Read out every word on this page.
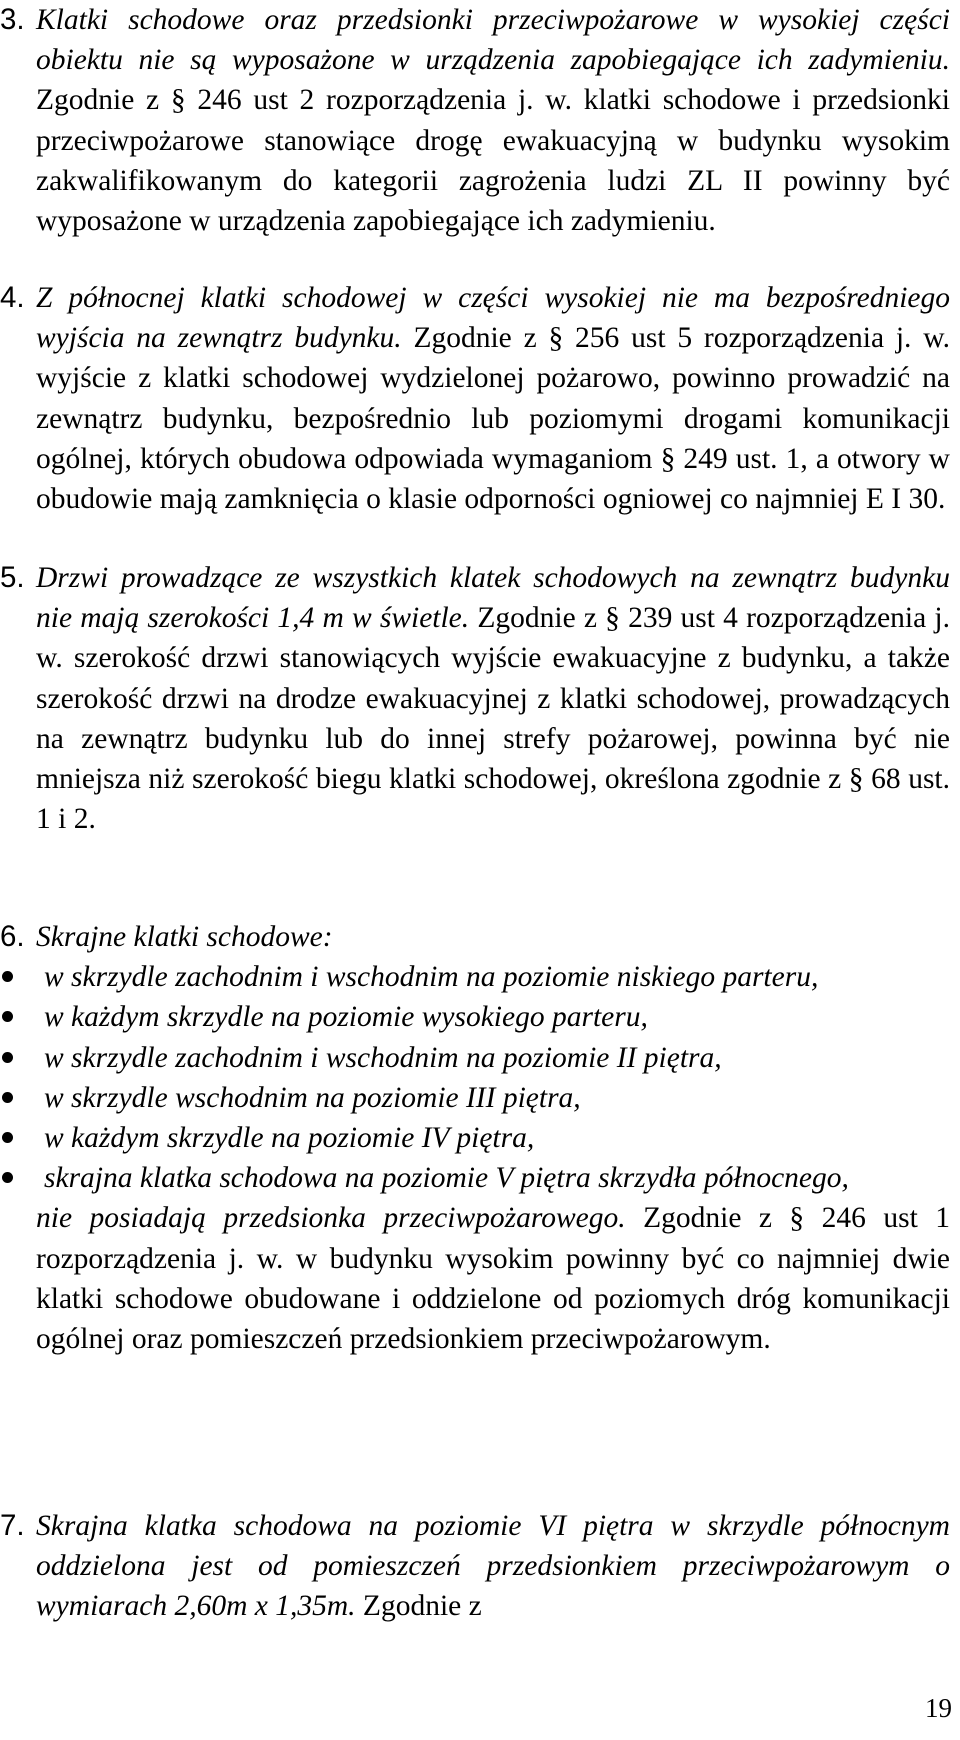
3. Klatki schodowe oraz przedsionki przeciwpożarowe w wysokiej części obiektu nie są wyposażone w urządzenia zapobiegające ich zadymieniu. Zgodnie z § 246 ust 2 rozporządzenia j. w. klatki schodowe i przedsionki przeciwpożarowe stanowiące drogę ewakuacyjną w budynku wysokim zakwalifikowanym do kategorii zagrożenia ludzi ZL II powinny być wyposażone w urządzenia zapobiegające ich zadymieniu.
4. Z północnej klatki schodowej w części wysokiej nie ma bezpośredniego wyjścia na zewnątrz budynku. Zgodnie z § 256 ust 5 rozporządzenia j. w. wyjście z klatki schodowej wydzielonej pożarowo, powinno prowadzić na zewnątrz budynku, bezpośrednio lub poziomymi drogami komunikacji ogólnej, których obudowa odpowiada wymaganiom § 249 ust. 1, a otwory w obudowie mają zamknięcia o klasie odporności ogniowej co najmniej E I 30.
5. Drzwi prowadzące ze wszystkich klatek schodowych na zewnątrz budynku nie mają szerokości 1,4 m w świetle. Zgodnie z § 239 ust 4 rozporządzenia j. w. szerokość drzwi stanowiących wyjście ewakuacyjne z budynku, a także szerokość drzwi na drodze ewakuacyjnej z klatki schodowej, prowadzących na zewnątrz budynku lub do innej strefy pożarowej, powinna być nie mniejsza niż szerokość biegu klatki schodowej, określona zgodnie z § 68 ust. 1 i 2.
6. Skrajne klatki schodowe:
w skrzydle zachodnim i wschodnim na poziomie niskiego parteru,
w każdym skrzydle na poziomie wysokiego parteru,
w skrzydle zachodnim i wschodnim na poziomie II piętra,
w skrzydle wschodnim na poziomie III piętra,
w każdym skrzydle na poziomie IV piętra,
skrajna klatka schodowa na poziomie V piętra skrzydła północnego,
nie posiadają przedsionka przeciwpożarowego. Zgodnie z § 246 ust 1 rozporządzenia j. w. w budynku wysokim powinny być co najmniej dwie klatki schodowe obudowane i oddzielone od poziomych dróg komunikacji ogólnej oraz pomieszczeń przedsionkiem przeciwpożarowym.
7. Skrajna klatka schodowa na poziomie VI piętra w skrzydle północnym oddzielona jest od pomieszczeń przedsionkiem przeciwpożarowym o wymiarach 2,60m x 1,35m. Zgodnie z
19
